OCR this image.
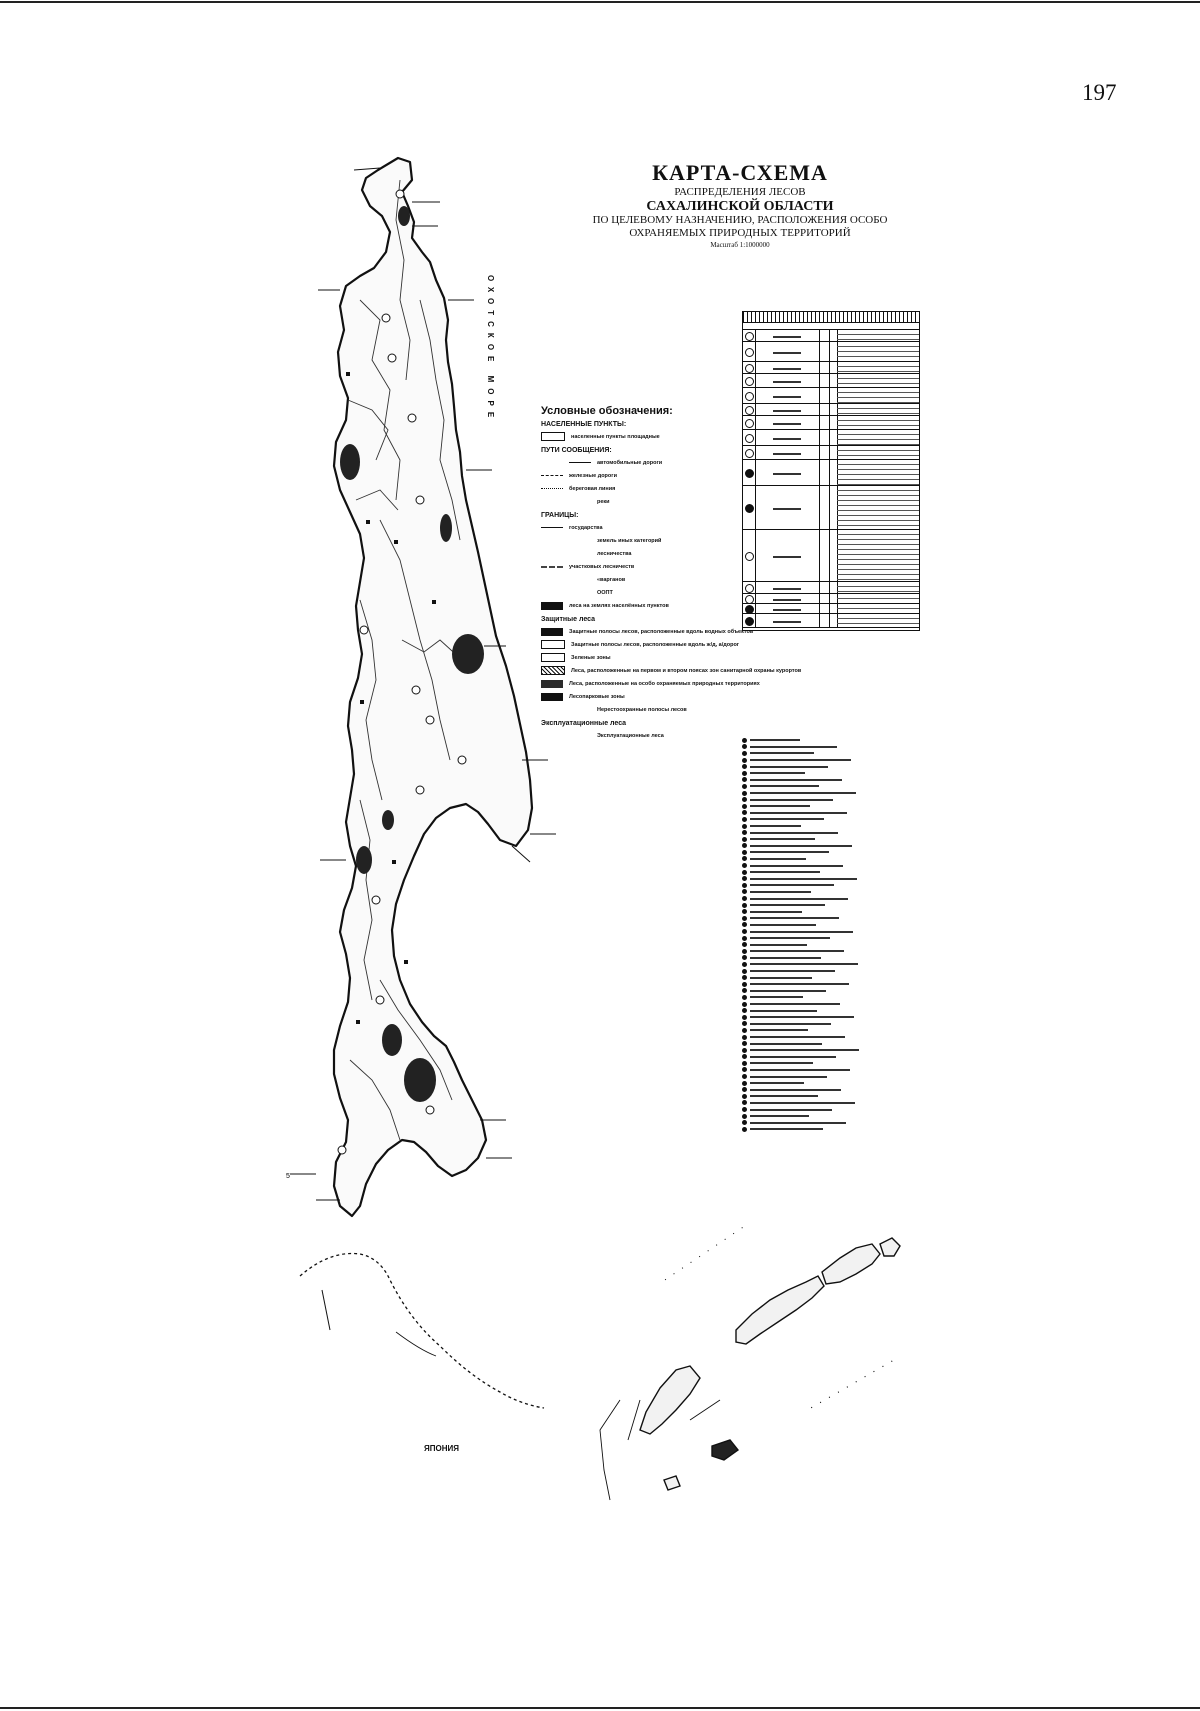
197
КАРТА-СХЕМА
РАСПРЕДЕЛЕНИЯ ЛЕСОВ
САХАЛИНСКОЙ ОБЛАСТИ
ПО ЦЕЛЕВОМУ НАЗНАЧЕНИЮ, РАСПОЛОЖЕНИЯ ОСОБО
ОХРАНЯЕМЫХ ПРИРОДНЫХ ТЕРРИТОРИЙ
Масштаб 1:1000000
5
· · · · · · · · · ·
· · · · · · · · · ·
ОХОТСКОЕ МОРЕ
ЯПОНИЯ
Условные обозначения:
НАСЕЛЕННЫЕ ПУНКТЫ:
населенные пункты площадные
ПУТИ СООБЩЕНИЯ:
автомобильные дороги
железные дороги
береговая линия
реки
ГРАНИЦЫ:
государства
земель иных категорий
лесничества
участковых лесничеств
«варганов
ООПТ
леса на землях населённых пунктов
Защитные леса
Защитные полосы лесов, расположенные вдоль водных объектов
Защитные полосы лесов, расположенные вдоль ж/д, а/дорог
Зеленые зоны
Леса, расположенные на первом и втором поясах зон санитарной охраны курортов
Леса, расположенные на особо охраняемых природных территориях
Лесопарковые зоны
Нерестоохранные полосы лесов
Эксплуатационные леса
Эксплуатационные леса
